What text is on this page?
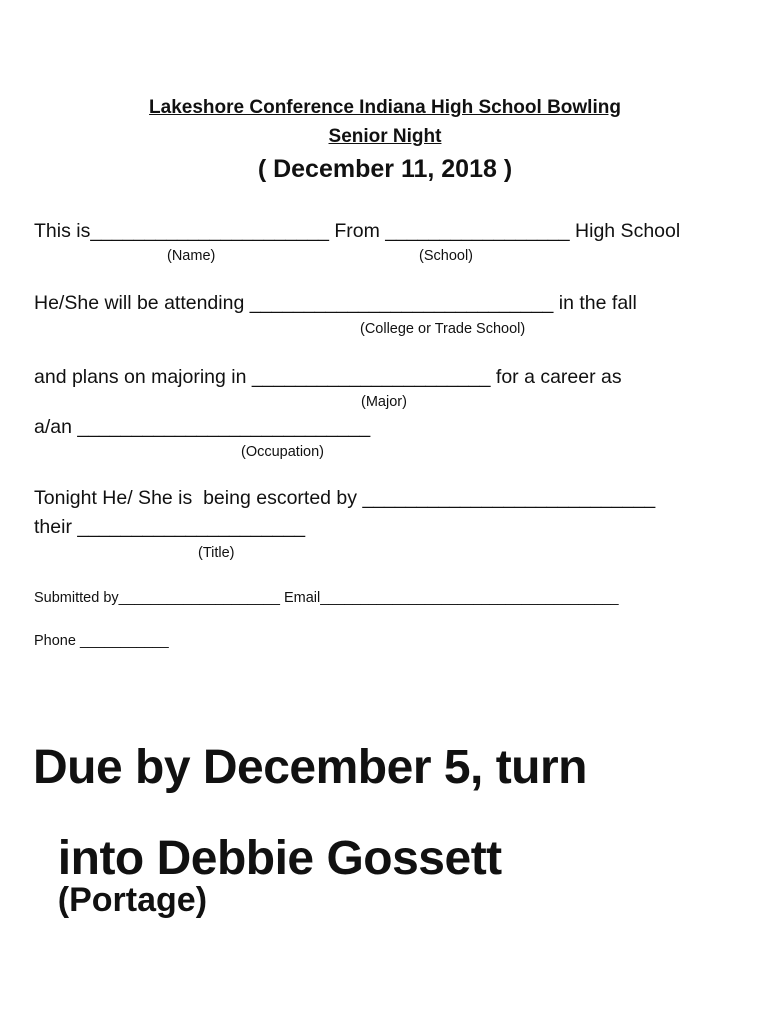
Lakeshore Conference Indiana High School Bowling
Senior Night
( December 11, 2018 )
This is______________________ From _________________ High School
(Name)	(School)
He/She will be attending ____________________________ in the fall
(College or Trade School)
and plans on majoring in ______________________ for a career as
(Major)
a/an ___________________________
(Occupation)
Tonight He/ She is  being escorted by ___________________________
their _____________________
(Title)
Submitted by____________________ Email_____________________________________
Phone ___________
Due by December 5, turn

into Debbie Gossett
(Portage)
